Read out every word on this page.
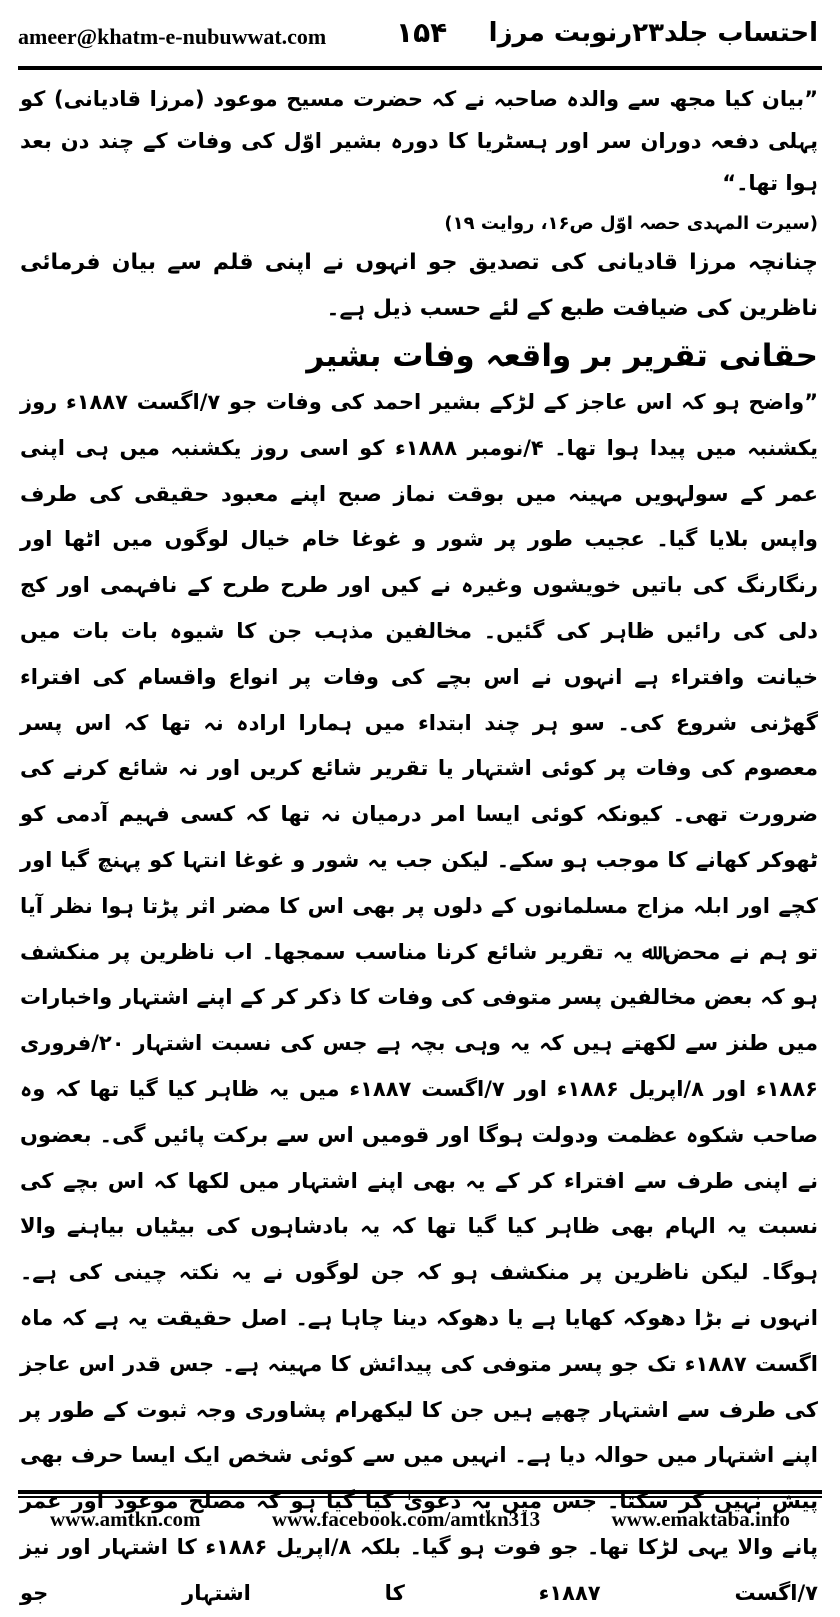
ameer@khatm-e-nubuwwat.com ۱۵۴ احتساب جلد۲۳رنوبت مرزا

”بیان کیا مجھ سے والدہ صاحبہ نے کہ حضرت مسیح موعود (مرزا قادیانی) کو پہلی دفعہ دوران سر اور ہسٹریا کا دورہ بشیر اوّل کی وفات کے چند دن بعد ہوا تھا۔“

(سیرت المہدی حصہ اوّل ص۱۶، روایت ۱۹)

چنانچہ مرزا قادیانی کی تصدیق جو انہوں نے اپنی قلم سے بیان فرمائی ناظرین کی ضیافت طبع کے لئے حسب ذیل ہے۔

حقانی تقریر بر واقعہ وفات بشیر

”واضح ہو کہ اس عاجز کے لڑکے بشیر احمد کی وفات جو ۷/اگست ۱۸۸۷ء روز یکشنبہ میں پیدا ہوا تھا۔ ۴/نومبر ۱۸۸۸ء کو اسی روز یکشنبہ میں ہی اپنی عمر کے سولہویں مہینہ میں بوقت نماز صبح اپنے معبود حقیقی کی طرف واپس بلایا گیا۔ عجیب طور پر شور و غوغا خام خیال لوگوں میں اٹھا اور رنگارنگ کی باتیں خویشوں وغیرہ نے کیں اور طرح طرح کے نافہمی اور کج دلی کی رائیں ظاہر کی گئیں۔ مخالفین مذہب جن کا شیوہ بات بات میں خیانت وافتراء ہے انہوں نے اس بچے کی وفات پر انواع واقسام کی افتراء گھڑنی شروع کی۔ سو ہر چند ابتداء میں ہمارا ارادہ نہ تھا کہ اس پسر معصوم کی وفات پر کوئی اشتہار یا تقریر شائع کریں اور نہ شائع کرنے کی ضرورت تھی۔ کیونکہ کوئی ایسا امر درمیان نہ تھا کہ کسی فہیم آدمی کو ٹھوکر کھانے کا موجب ہو سکے۔ لیکن جب یہ شور و غوغا انتہا کو پہنچ گیا اور کچے اور ابلہ مزاج مسلمانوں کے دلوں پر بھی اس کا مضر اثر پڑتا ہوا نظر آیا تو ہم نے محض ﷲ یہ تقریر شائع کرنا مناسب سمجھا۔ اب ناظرین پر منکشف ہو کہ بعض مخالفین پسر متوفی کی وفات کا ذکر کر کے اپنے اشتہار واخبارات میں طنز سے لکھتے ہیں کہ یہ وہی بچہ ہے جس کی نسبت اشتہار ۲۰/فروری ۱۸۸۶ء اور ۸/اپریل ۱۸۸۶ء اور ۷/اگست ۱۸۸۷ء میں یہ ظاہر کیا گیا تھا کہ وہ صاحب شکوہ عظمت ودولت ہوگا اور قومیں اس سے برکت پائیں گی۔ بعضوں نے اپنی طرف سے افتراء کر کے یہ بھی اپنے اشتہار میں لکھا کہ اس بچے کی نسبت یہ الہام بھی ظاہر کیا گیا تھا کہ یہ بادشاہوں کی بیٹیاں بیاہنے والا ہوگا۔ لیکن ناظرین پر منکشف ہو کہ جن لوگوں نے یہ نکتہ چینی کی ہے۔ انہوں نے بڑا دھوکہ کھایا ہے یا دھوکہ دینا چاہا ہے۔ اصل حقیقت یہ ہے کہ ماہ اگست ۱۸۸۷ء تک جو پسر متوفی کی پیدائش کا مہینہ ہے۔ جس قدر اس عاجز کی طرف سے اشتہار چھپے ہیں جن کا لیکھرام پشاوری وجہ ثبوت کے طور پر اپنے اشتہار میں حوالہ دیا ہے۔ انہیں میں سے کوئی شخص ایک ایسا حرف بھی پیش نہیں کر سکتا۔ جس میں یہ دعویٰ کیا گیا ہو کہ مصلح موعود اور عمر پانے والا یہی لڑکا تھا۔ جو فوت ہو گیا۔ بلکہ ۸/اپریل ۱۸۸۶ء کا اشتہار اور نیز ۷/اگست ۱۸۸۷ء کا اشتہار جو

www.amtkn.com	www.facebook.com/amtkn313	www.emaktaba.info
